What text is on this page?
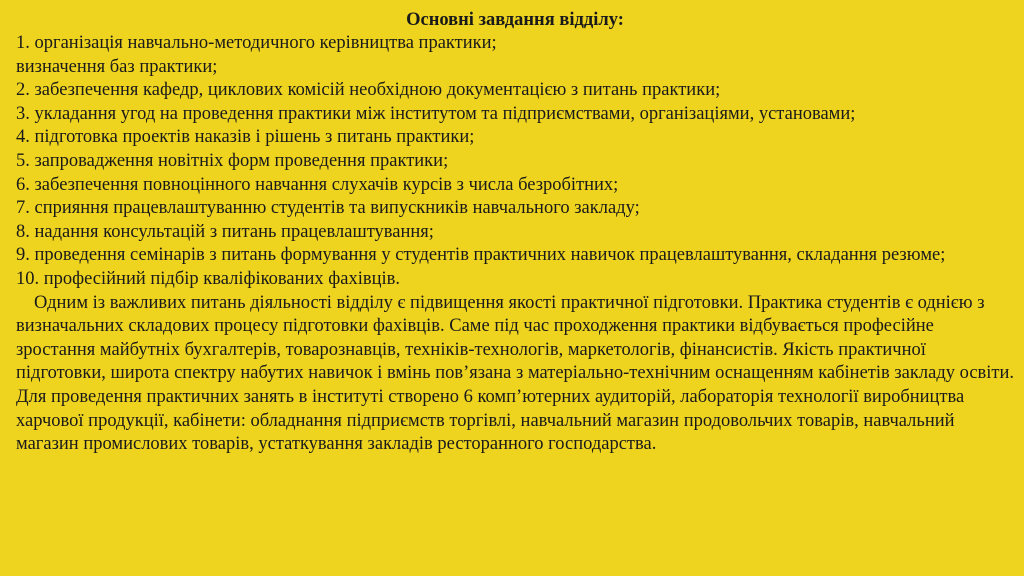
Основні завдання відділу:
1. організація навчально-методичного керівництва практики;
визначення баз практики;
2. забезпечення кафедр, циклових комісій необхідною документацією з питань практики;
3. укладання угод на проведення практики між інститутом та підприємствами, організаціями, установами;
4. підготовка проектів наказів і рішень з питань практики;
5. запровадження новітніх форм проведення практики;
6. забезпечення повноцінного навчання слухачів курсів з числа безробітних;
7. сприяння працевлаштуванню студентів та випускників навчального закладу;
8. надання консультацій з питань працевлаштування;
9. проведення семінарів з питань формування у студентів практичних навичок працевлаштування, складання резюме;
10. професійний підбір кваліфікованих фахівців.

Одним із важливих питань діяльності відділу є підвищення якості практичної підготовки. Практика студентів є однією з визначальних складових процесу підготовки фахівців. Саме під час проходження практики відбувається професійне зростання майбутніх бухгалтерів, товарознавців, техніків-технологів, маркетологів, фінансистів. Якість практичної підготовки, широта спектру набутих навичок і вмінь пов’язана з матеріально-технічним оснащенням кабінетів закладу освіти. Для проведення практичних занять в інституті створено 6 комп’ютерних аудиторій, лабораторія технології виробництва харчової продукції, кабінети: обладнання підприємств торгівлі, навчальний магазин продовольчих товарів, навчальний магазин промислових товарів, устаткування закладів ресторанного господарства.
